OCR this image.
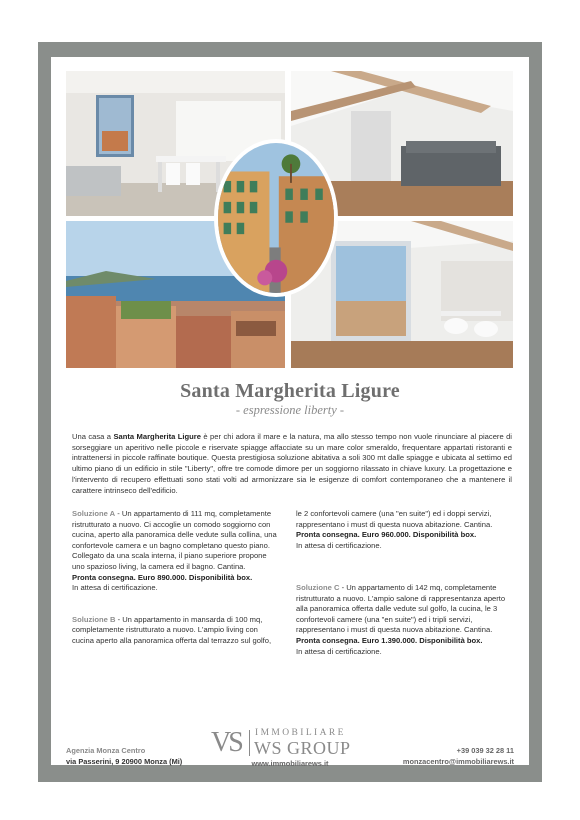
Santa Margherita Ligure
- espressione liberty -
Una casa a Santa Margherita Ligure è per chi adora il mare e la natura, ma allo stesso tempo non vuole rinunciare al piacere di sorseggiare un aperitivo nelle piccole e riservate spiagge affacciate su un mare color smeraldo, frequentare appartati ristoranti e intrattenersi in piccole raffinate boutique. Questa prestigiosa soluzione abitativa a soli 300 mt dalle spiagge e ubicata al settimo ed ultimo piano di un edificio in stile "Liberty", offre tre comode dimore per un soggiorno rilassato in chiave luxury. La progettazione e l'intervento di recupero effettuati sono stati volti ad armonizzare sia le esigenze di comfort contemporaneo che a mantenere il carattere intrinseco dell'edificio.

Soluzione A - Un appartamento di 111 mq, completamente ristrutturato a nuovo. Ci accoglie un comodo soggiorno con cucina, aperto alla panoramica delle vedute sulla collina, una confortevole camera e un bagno completano questo piano.

Collegato da una scala interna, il piano superiore propone uno spazioso living, la camera ed il bagno. Cantina.

Pronta consegna. Euro 890.000. Disponibilità box.

In attesa di certificazione.

Soluzione B - Un appartamento in mansarda di 100 mq, completamente ristrutturato a nuovo. L'ampio living con cucina aperto alla panoramica offerta dal terrazzo sul golfo,

le 2 confortevoli camere (una "en suite") ed i doppi servizi, rappresentano i must di questa nuova abitazione. Cantina.

Pronta consegna. Euro 960.000. Disponibilità box.

In attesa di certificazione.

Soluzione C - Un appartamento di 142 mq, completamente ristrutturato a nuovo. L'ampio salone di rappresentanza aperto alla panoramica offerta dalle vedute sul golfo, la cucina, le 3 confortevoli camere (una "en suite") ed i tripli servizi, rappresentano i must di questa nuova abitazione. Cantina.

Pronta consegna. Euro 1.390.000. Disponibilità box.

In attesa di certificazione.

Agenzia Monza Centro
via Passerini, 9 20900 Monza (Mi)
VS IMMOBILIARE
WS GROUP
www.immobiliarews.it
+39 039 32 28 11
monzacentro@immobiliarews.it
